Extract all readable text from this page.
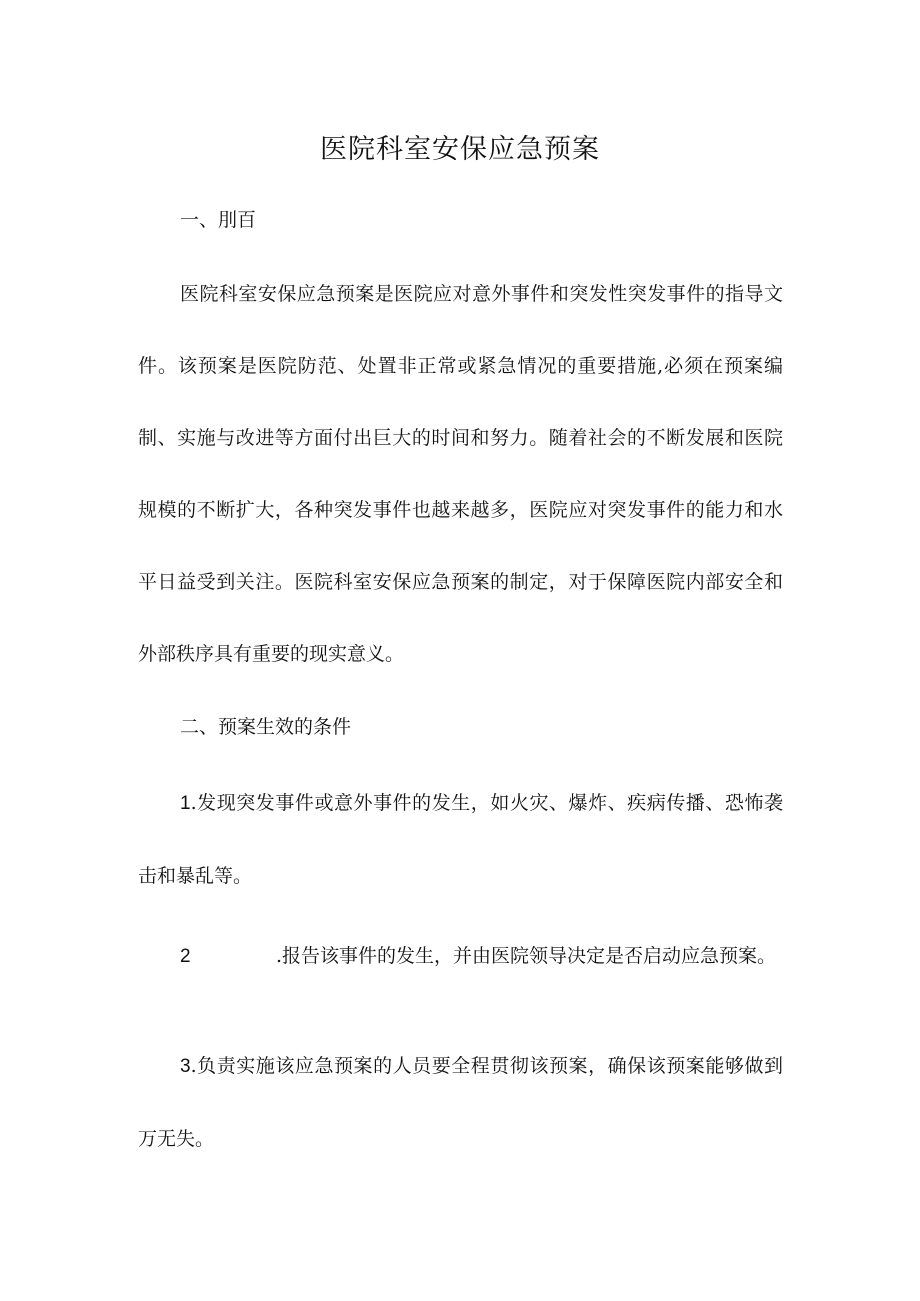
医院科室安保应急预案
一、刖百
医院科室安保应急预案是医院应对意外事件和突发性突发事件的指导文件。该预案是医院防范、处置非正常或紧急情况的重要措施,必须在预案编制、实施与改进等方面付出巨大的时间和努力。随着社会的不断发展和医院规模的不断扩大，各种突发事件也越来越多，医院应对突发事件的能力和水平日益受到关注。医院科室安保应急预案的制定，对于保障医院内部安全和外部秩序具有重要的现实意义。
二、预案生效的条件
1.发现突发事件或意外事件的发生，如火灾、爆炸、疾病传播、恐怖袭击和暴乱等。
2	.报告该事件的发生，并由医院领导决定是否启动应急预案。
3.负责实施该应急预案的人员要全程贯彻该预案，确保该预案能够做到万无失。
